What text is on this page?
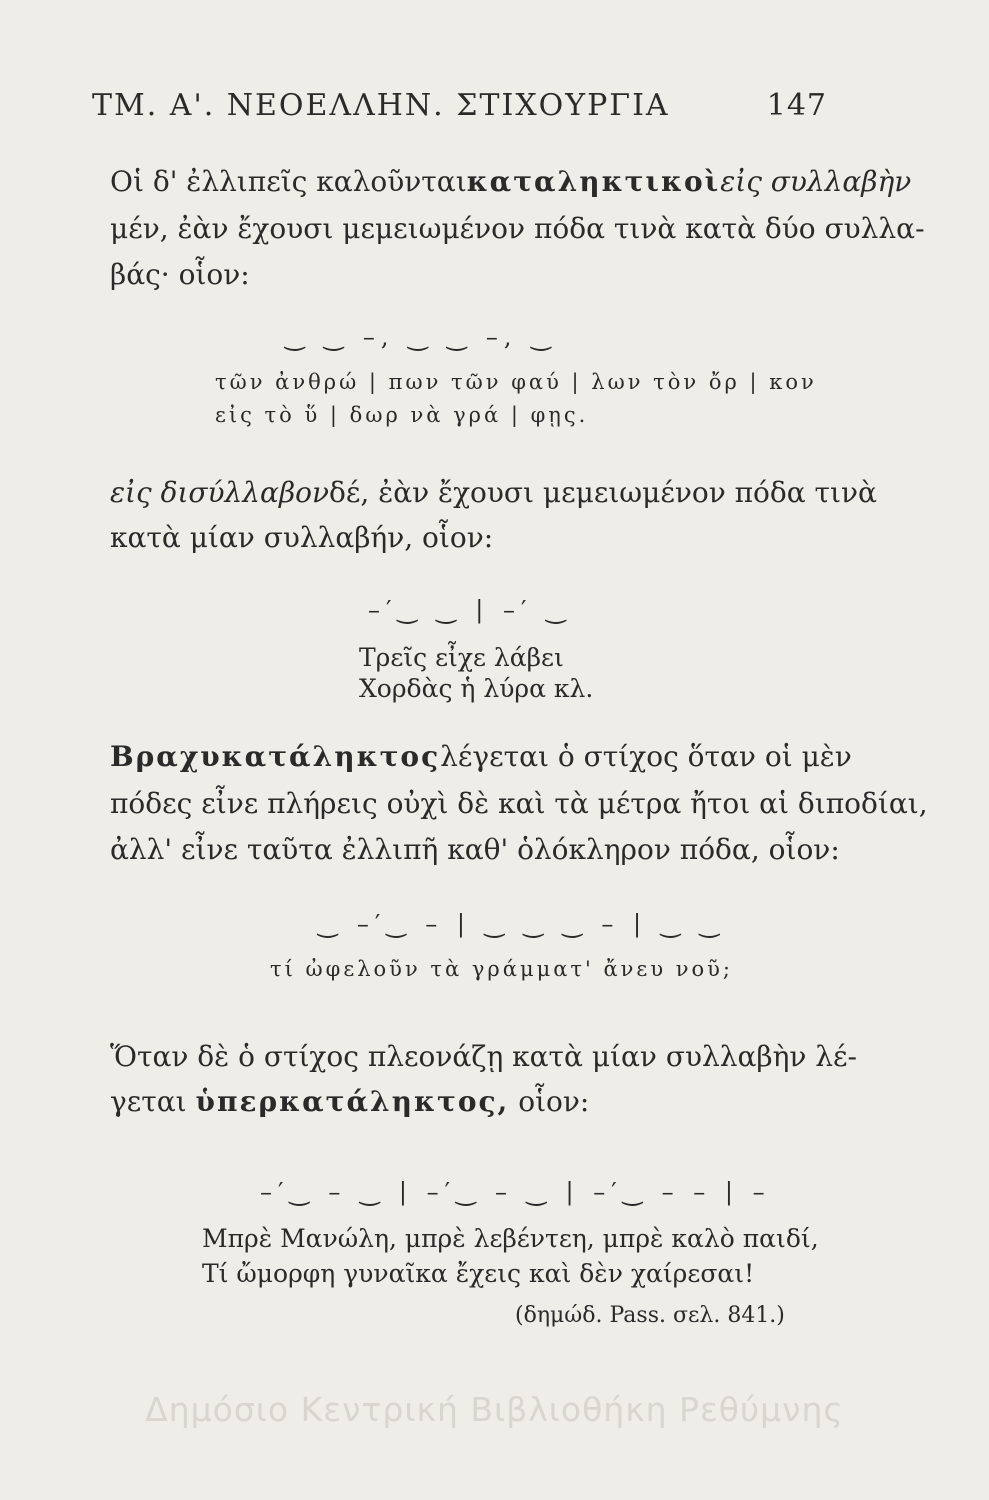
ΤΜ. Α'. ΝΕΟΕΛΛΗΝ. ΣΤΙΧΟΥΡΓΙΑ	147
Οἱ δ' ἐλλιπεῖς καλοῦνται καταληκτικοὶ εἰς συλλαβὴν
μέν, ἐὰν ἔχουσι μεμειωμένον πόδα τινὰ κατὰ δύο συλλα-
βάς· οἷον:
‿ ‿ –, ‿ ‿ –, ‿
τῶν ἀνθρώ | πων τῶν φαύ | λων τὸν ὄρ | κον
εἰς τὸ ὕ | δωρ νὰ γρά | φῃς.
εἰς δισύλλαβον δέ, ἐὰν ἔχουσι μεμειωμένον πόδα τινὰ
κατὰ μίαν συλλαβήν, οἷον:
–′‿ ‿ | –′ ‿
Τρεῖς εἶχε λάβει
Χορδὰς ἡ λύρα κλ.
Βραχυκατάληκτος λέγεται ὁ στίχος ὅταν οἱ μὲν
πόδες εἶνε πλήρεις οὐχὶ δὲ καὶ τὰ μέτρα ἤτοι αἱ διποδίαι,
ἀλλ' εἶνε ταῦτα ἐλλιπῆ καθ' ὁλόκληρον πόδα, οἷον:
‿ –′‿ – | ‿ ‿ ‿ – | ‿ ‿
τί ὠφελοῦν τὰ γράμματ' ἄνευ νοῦ;
Ὅταν δὲ ὁ στίχος πλεονάζῃ κατὰ μίαν συλλαβὴν λέ-
γεται ὑπερκατάληκτος, οἷον:
–′‿ – ‿ | –′‿ – ‿ | –′‿ – – | –
Μπρὲ Μανώλη, μπρὲ λεβέντεη, μπρὲ καλὸ παιδί,
Τί ὤμορφη γυναῖκα ἔχεις καὶ δὲν χαίρεσαι!
(δημώδ. Pass. σελ. 841.)
Δημόσιο Κεντρική Βιβλιοθήκη Ρεθύμνης
